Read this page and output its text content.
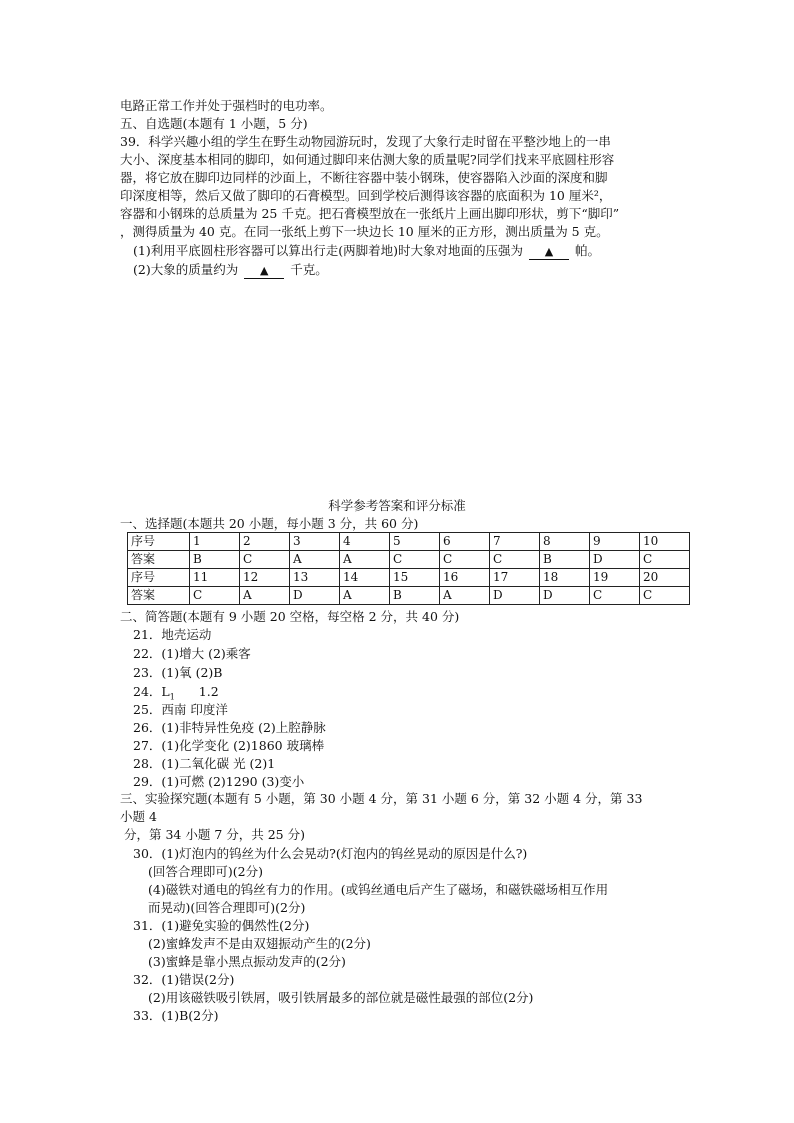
电路正常工作并处于强档时的电功率。
五、自选题(本题有 1 小题，5 分)
39．科学兴趣小组的学生在野生动物园游玩时，发现了大象行走时留在平整沙地上的一串
大小、深度基本相同的脚印，如何通过脚印来估测大象的质量呢?同学们找来平底圆柱形容
器，将它放在脚印边同样的沙面上，不断往容器中装小钢珠，使容器陷入沙面的深度和脚
印深度相等，然后又做了脚印的石膏模型。回到学校后测得该容器的底面积为 10 厘米²，
容器和小钢珠的总质量为 25 千克。把石膏模型放在一张纸片上画出脚印形状，剪下“脚印”
，测得质量为 40 克。在同一张纸上剪下一块边长 10 厘米的正方形，测出质量为 5 克。
(1)利用平底圆柱形容器可以算出行走(两脚着地)时大象对地面的压强为 ▲ 帕。
(2)大象的质量约为 ▲ 千克。
科学参考答案和评分标准
一、选择题(本题共 20 小题，每小题 3 分，共 60 分)
序号	1	2	3	4	5	6	7	8	9	10
答案	B	C	A	A	C	C	C	B	D	C
序号	11	12	13	14	15	16	17	18	19	20
答案	C	A	D	A	B	A	D	D	C	C
二、简答题(本题有 9 小题 20 空格，每空格 2 分，共 40 分)
21．地壳运动
22．(1)增大 (2)乘客
23．(1)氧 (2)B
24．$L_1$ 1.2
25．西南 印度洋
26．(1)非特异性免疫 (2)上腔静脉
27．(1)化学变化 (2)1860 玻璃棒
28．(1)二氧化碳 光 (2)1
29．(1)可燃 (2)1290 (3)变小
三、实验探究题(本题有 5 小题，第 30 小题 4 分，第 31 小题 6 分，第 32 小题 4 分，第 33
小题 4
分，第 34 小题 7 分，共 25 分)
30．(1)灯泡内的钨丝为什么会晃动?(灯泡内的钨丝晃动的原因是什么?)
(回答合理即可)(2分)
(4)磁铁对通电的钨丝有力的作用。(或钨丝通电后产生了磁场，和磁铁磁场相互作用
而晃动)(回答合理即可)(2分)
31．(1)避免实验的偶然性(2分)
(2)蜜蜂发声不是由双翅振动产生的(2分)
(3)蜜蜂是靠小黑点振动发声的(2分)
32．(1)错误(2分)
(2)用该磁铁吸引铁屑，吸引铁屑最多的部位就是磁性最强的部位(2分)
33．(1)B(2分)
